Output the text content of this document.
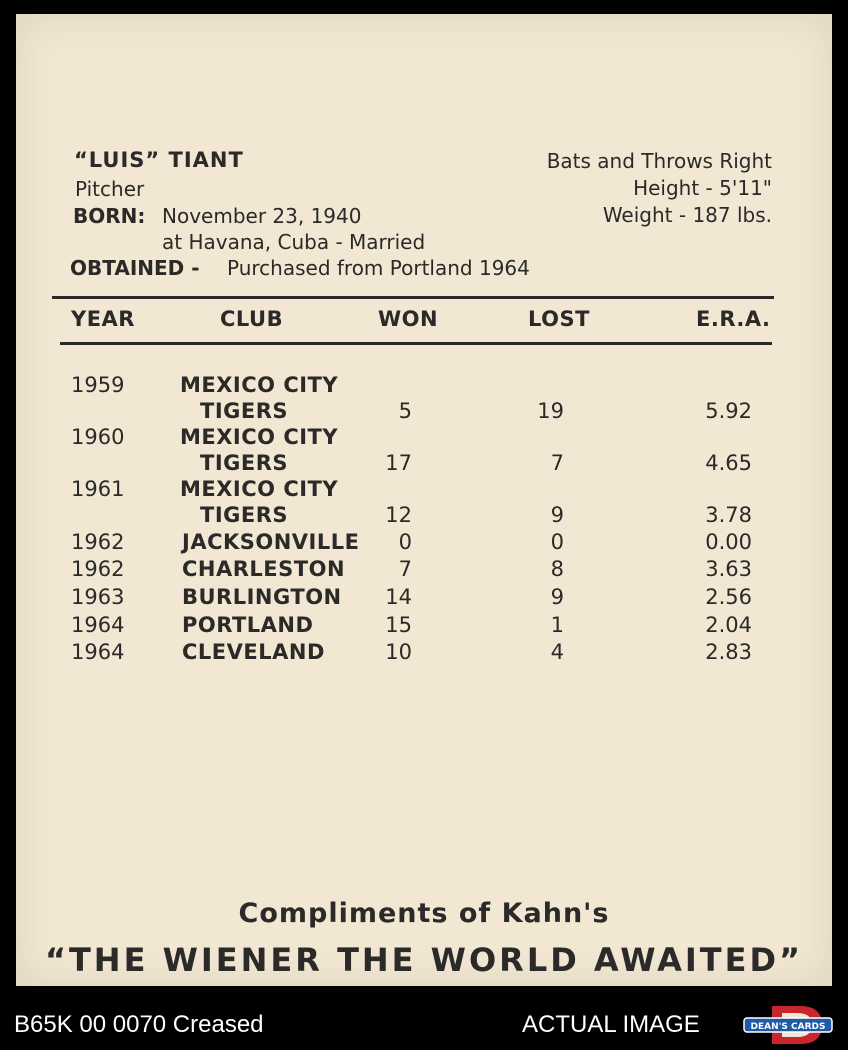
“LUIS” TIANT
Pitcher
BORN: November 23, 1940
at Havana, Cuba - Married
OBTAINED - Purchased from Portland 1964
Bats and Throws Right
Height - 5'11"
Weight - 187 lbs.
YEAR	CLUB	WON	LOST	E.R.A.
1959	MEXICO CITY
TIGERS	5	19	5.92
1960	MEXICO CITY
TIGERS	17	7	4.65
1961	MEXICO CITY
TIGERS	12	9	3.78
1962	JACKSONVILLE	0	0	0.00
1962	CHARLESTON	7	8	3.63
1963	BURLINGTON	14	9	2.56
1964	PORTLAND	15	1	2.04
1964	CLEVELAND	10	4	2.83
Compliments of Kahn's
“THE WIENER THE WORLD AWAITED”
B65K 00 0070 Creased	ACTUAL IMAGE	DEAN'S CARDS
